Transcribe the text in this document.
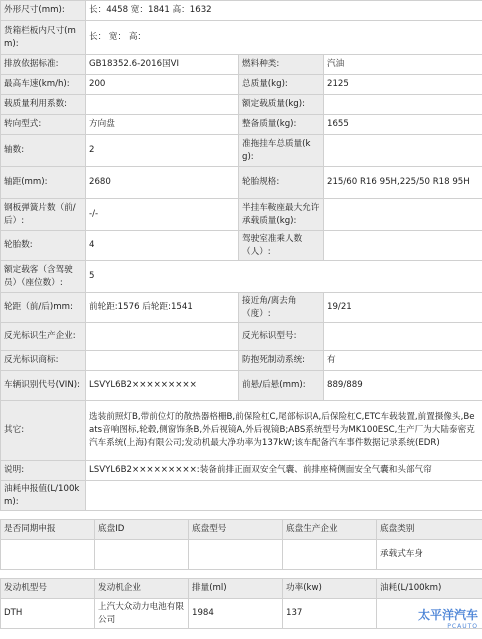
外形尺寸(mm):	长：4458 宽：1841 高：1632		
货箱栏板内尺寸(mm):	长： 宽： 高：		
排放依据标准:	GB18352.6-2016国VI	燃料种类:	汽油
最高车速(km/h):	200	总质量(kg):	2125
载质量利用系数:		额定载质量(kg):	
转向型式:	方向盘	整备质量(kg):	1655
轴数:	2	准拖挂车总质量(kg):	
轴距(mm):	2680	轮胎规格:	215/60 R16 95H,225/50 R18 95H
钢板弹簧片数（前/后）:	-/-	半挂车鞍座最大允许承载质量(kg):	
轮胎数:	4	驾驶室准乘人数（人）:	
额定载客（含驾驶员）（座位数）:	5		
轮距（前/后)mm:	前轮距:1576 后轮距:1541	接近角/离去角（度）:	19/21
反光标识生产企业:		反光标识型号:	
反光标识商标:		防抱死制动系统:	有
车辆识别代号(VIN):	LSVYL6B2×××××××××	前悬/后悬(mm):	889/889
其它:	选装前照灯B,带前位灯的散热器格栅B,前保险杠C,尾部标识A,后保险杠C,ETC车载装置,前置摄像头,Beats音响图标,轮毂,侧窗饰条B,外后视镜A,外后视镜B;ABS系统型号为MK100ESC,生产厂为大陆泰密克汽车系统(上海)有限公司;发动机最大净功率为137kW;该车配备汽车事件数据记录系统(EDR)		
说明:	LSVYL6B2×××××××××:装备前排正面双安全气囊、前排座椅侧面安全气囊和头部气帘		
油耗申报值(L/100km):			
是否同期申报	底盘ID	底盘型号	底盘生产企业	底盘类别
				承载式车身
发动机型号	发动机企业	排量(ml)	功率(kw)	油耗(L/100km)
DTH	上汽大众动力电池有限公司	1984	137		太平洋汽车
PCAUTO
